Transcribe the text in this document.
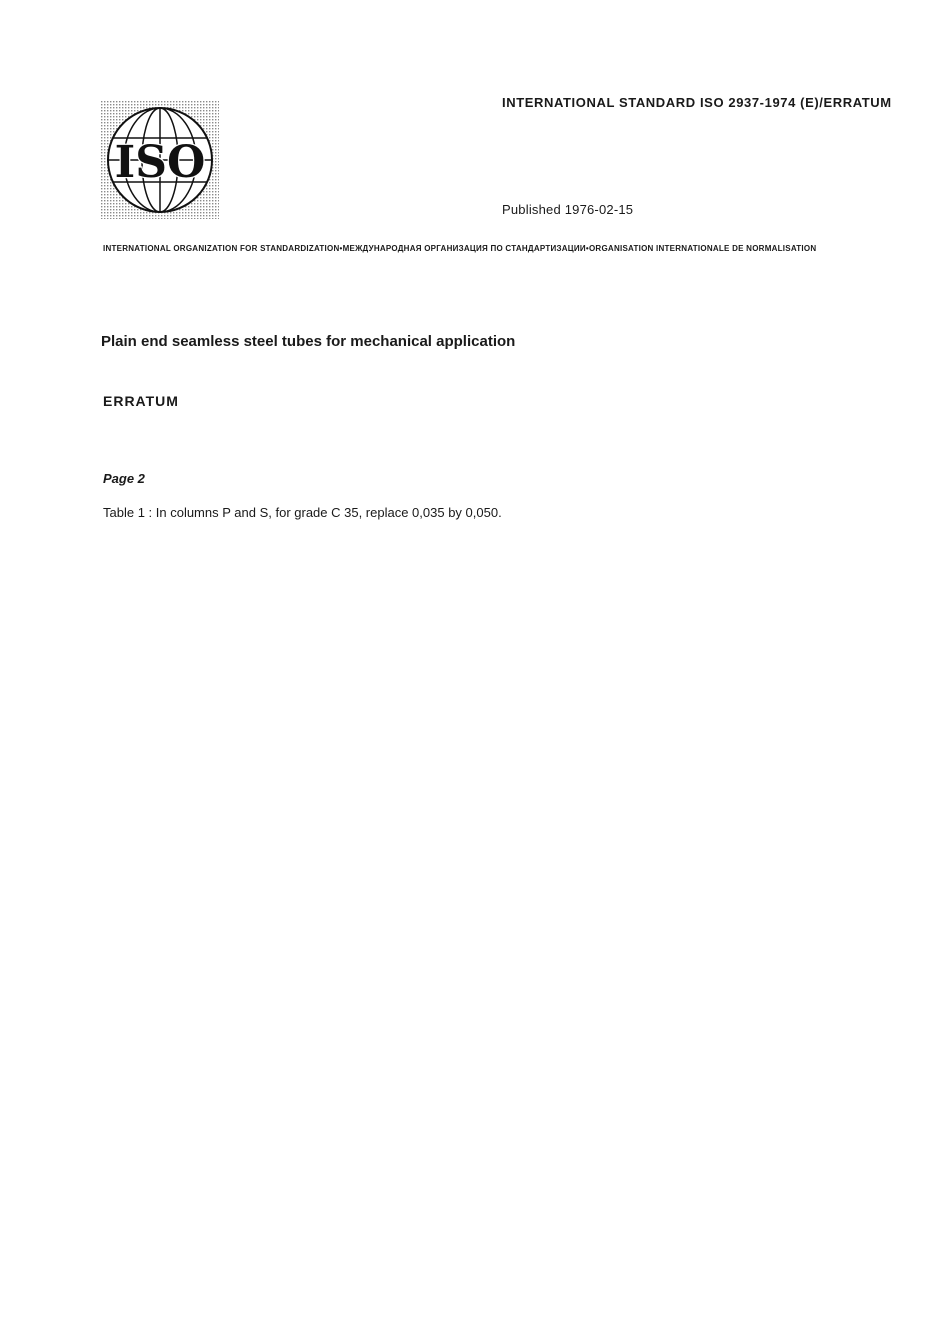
ISO
INTERNATIONAL STANDARD ISO 2937-1974 (E)/ERRATUM
Published 1976-02-15
INTERNATIONAL ORGANIZATION FOR STANDARDIZATION•МЕЖДУНАРОДНАЯ ОРГАНИЗАЦИЯ ПО СТАНДАРТИЗАЦИИ•ORGANISATION INTERNATIONALE DE NORMALISATION
Plain end seamless steel tubes for mechanical application
ERRATUM
Page 2
Table 1 : In columns P and S, for grade C 35, replace 0,035 by 0,050.
